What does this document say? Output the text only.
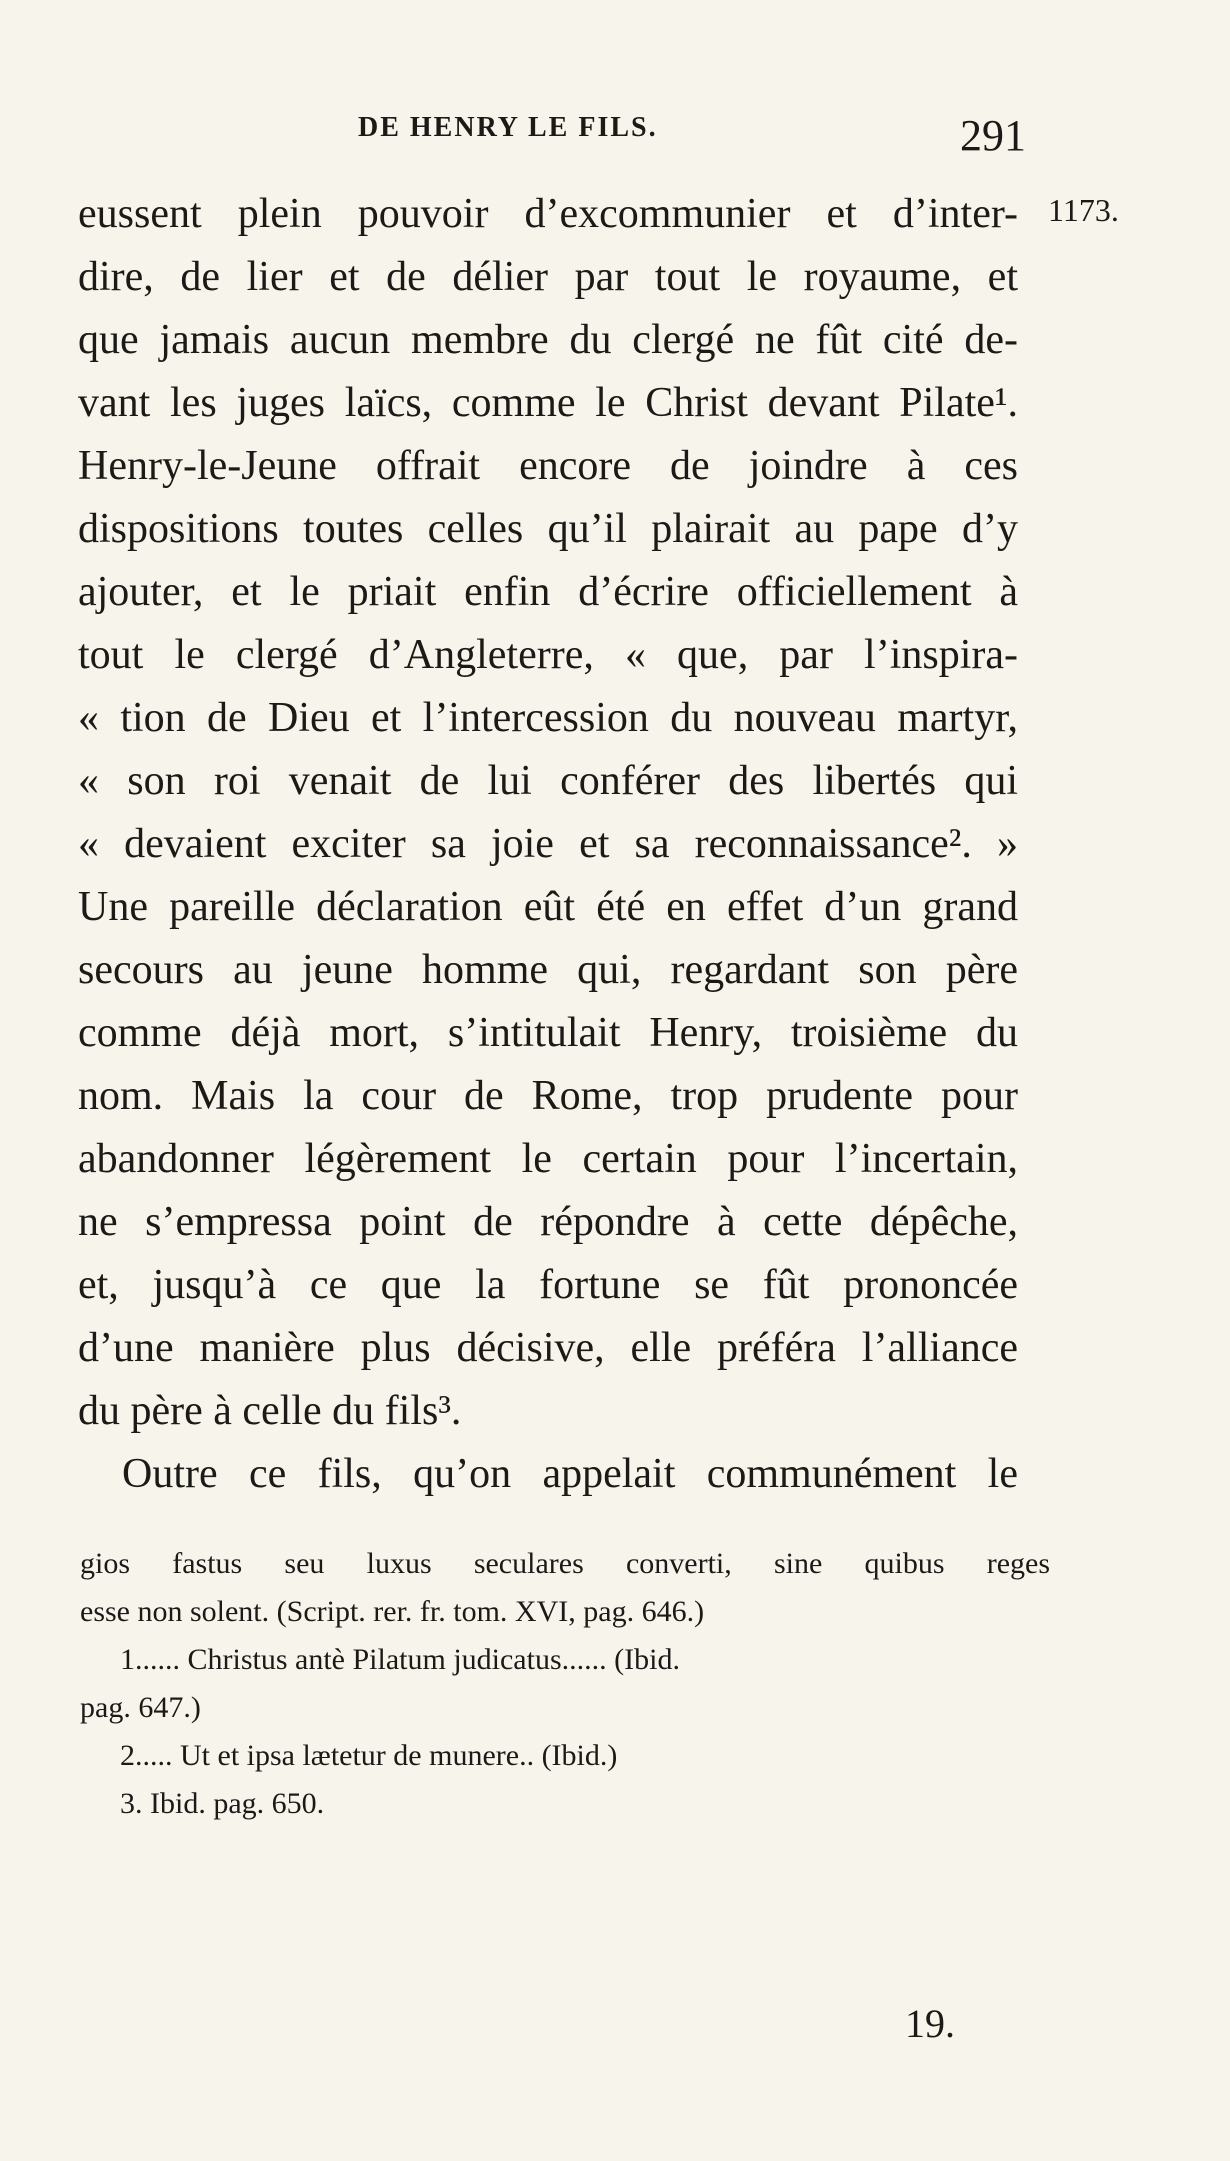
DE HENRY LE FILS.	291
1173.
eussent plein pouvoir d’excommunier et d’inter-
dire, de lier et de délier par tout le royaume, et
que jamais aucun membre du clergé ne fût cité de-
vant les juges laïcs, comme le Christ devant Pilate¹.
Henry-le-Jeune offrait encore de joindre à ces
dispositions toutes celles qu’il plairait au pape d’y
ajouter, et le priait enfin d’écrire officiellement à
tout le clergé d’Angleterre, « que, par l’inspira-
« tion de Dieu et l’intercession du nouveau martyr,
« son roi venait de lui conférer des libertés qui
« devaient exciter sa joie et sa reconnaissance². »
Une pareille déclaration eût été en effet d’un grand
secours au jeune homme qui, regardant son père
comme déjà mort, s’intitulait Henry, troisième du
nom. Mais la cour de Rome, trop prudente pour
abandonner légèrement le certain pour l’incertain,
ne s’empressa point de répondre à cette dépêche,
et, jusqu’à ce que la fortune se fût prononcée
d’une manière plus décisive, elle préféra l’alliance
du père à celle du fils³.
Outre ce fils, qu’on appelait communément le
gios fastus seu luxus seculares converti, sine quibus reges
esse non solent. (Script. rer. fr. tom. XVI, pag. 646.)
1...... Christus antè Pilatum judicatus...... (Ibid.
pag. 647.)
2..... Ut et ipsa lætetur de munere.. (Ibid.)
3. Ibid. pag. 650.
19.
